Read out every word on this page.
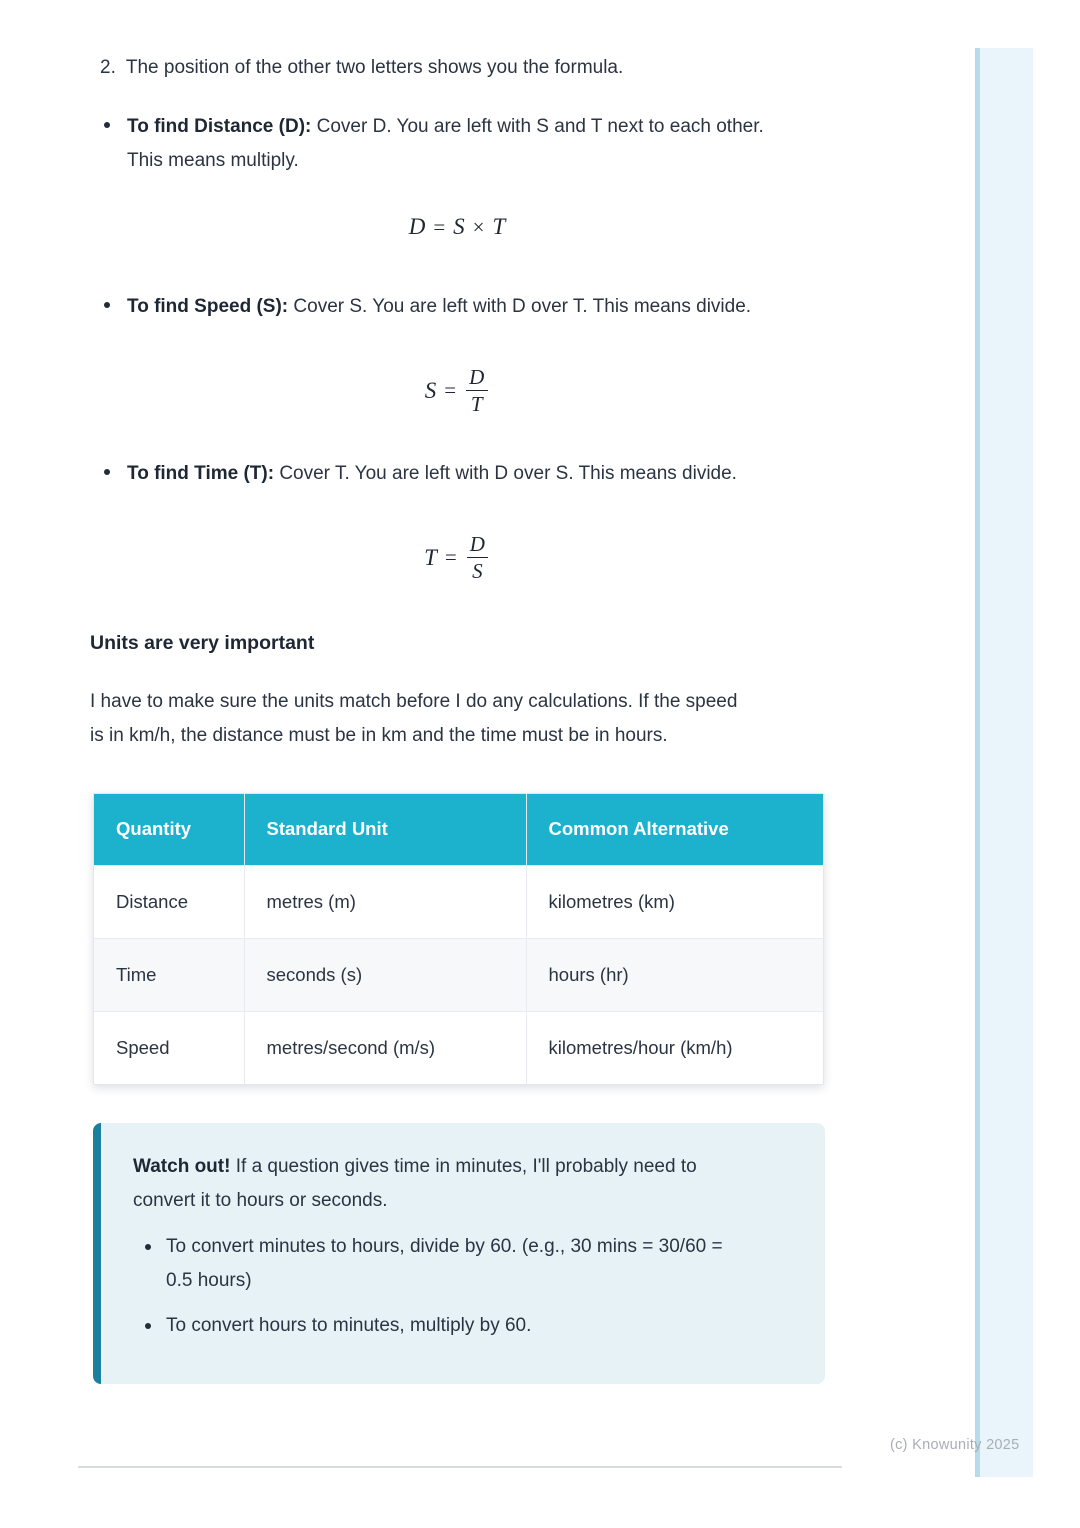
(c) Knowunity 2025
2. The position of the other two letters shows you the formula.

To find Distance (D): Cover D. You are left with S and T next to each other. This means multiply.

D = S × T

To find Speed (S): Cover S. You are left with D over T. This means divide.

$S = \frac{D}{T}$

To find Time (T): Cover T. You are left with D over S. This means divide.

$T = \frac{D}{S}$
Units are very important

I have to make sure the units match before I do any calculations. If the speed is in km/h, the distance must be in km and the time must be in hours.

Quantity	Standard Unit	Common Alternative
Distance	metres (m)	kilometres (km)
Time	seconds (s)	hours (hr)
Speed	metres/second (m/s)	kilometres/hour (km/h)

Watch out! If a question gives time in minutes, I'll probably need to convert it to hours or seconds.

To convert minutes to hours, divide by 60. (e.g., 30 mins = 30/60 = 0.5 hours)
To convert hours to minutes, multiply by 60.
